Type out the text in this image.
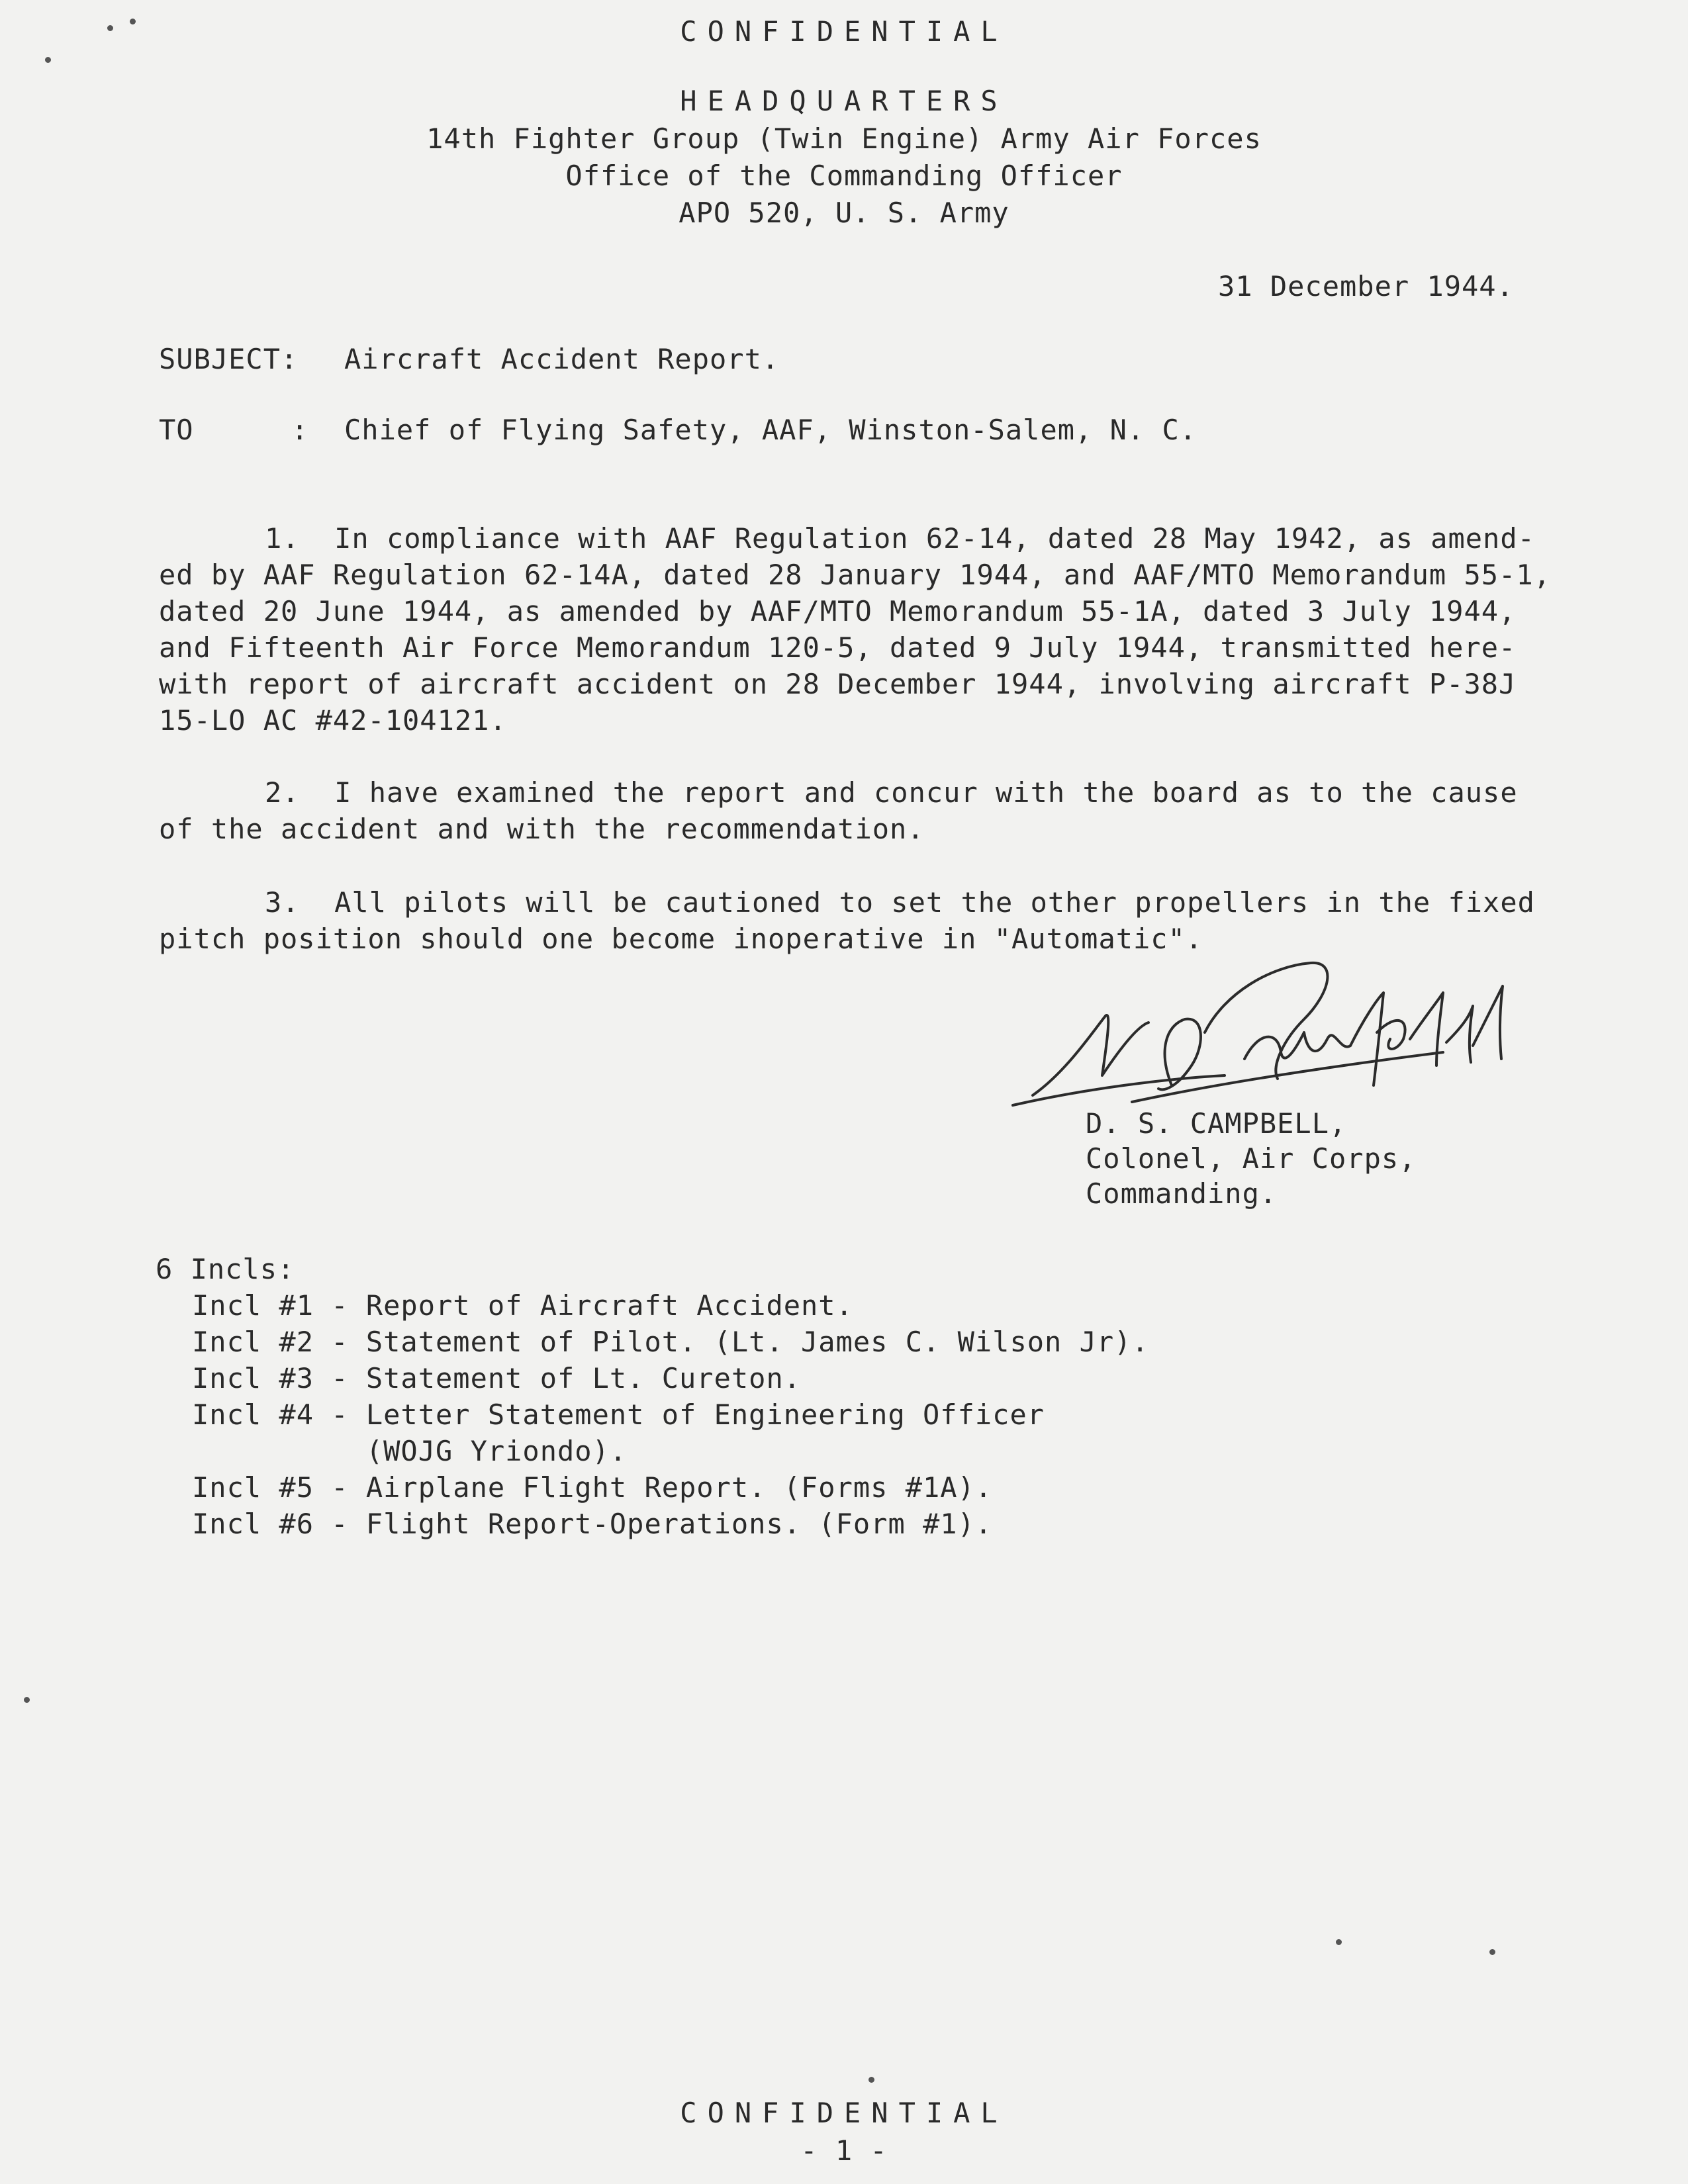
CONFIDENTIAL
HEADQUARTERS
14th Fighter Group (Twin Engine) Army Air Forces
Office of the Commanding Officer
APO 520, U. S. Army
31 December 1944.
SUBJECT: Aircraft Accident Report.
TO	: Chief of Flying Safety, AAF, Winston-Salem, N. C.
1.  In compliance with AAF Regulation 62-14, dated 28 May 1942, as amend-
ed by AAF Regulation 62-14A, dated 28 January 1944, and AAF/MTO Memorandum 55-1,
dated 20 June 1944, as amended by AAF/MTO Memorandum 55-1A, dated 3 July 1944,
and Fifteenth Air Force Memorandum 120-5, dated 9 July 1944, transmitted here-
with report of aircraft accident on 28 December 1944, involving aircraft P-38J
15-LO AC #42-104121.
2.  I have examined the report and concur with the board as to the cause
of the accident and with the recommendation.
3.  All pilots will be cautioned to set the other propellers in the fixed
pitch position should one become inoperative in "Automatic".
D. S. CAMPBELL,
Colonel, Air Corps,
Commanding.
6 Incls:
Incl #1 - Report of Aircraft Accident.
Incl #2 - Statement of Pilot. (Lt. James C. Wilson Jr).
Incl #3 - Statement of Lt. Cureton.
Incl #4 - Letter Statement of Engineering Officer
(WOJG Yriondo).
Incl #5 - Airplane Flight Report. (Forms #1A).
Incl #6 - Flight Report-Operations. (Form #1).
CONFIDENTIAL
- 1 -
